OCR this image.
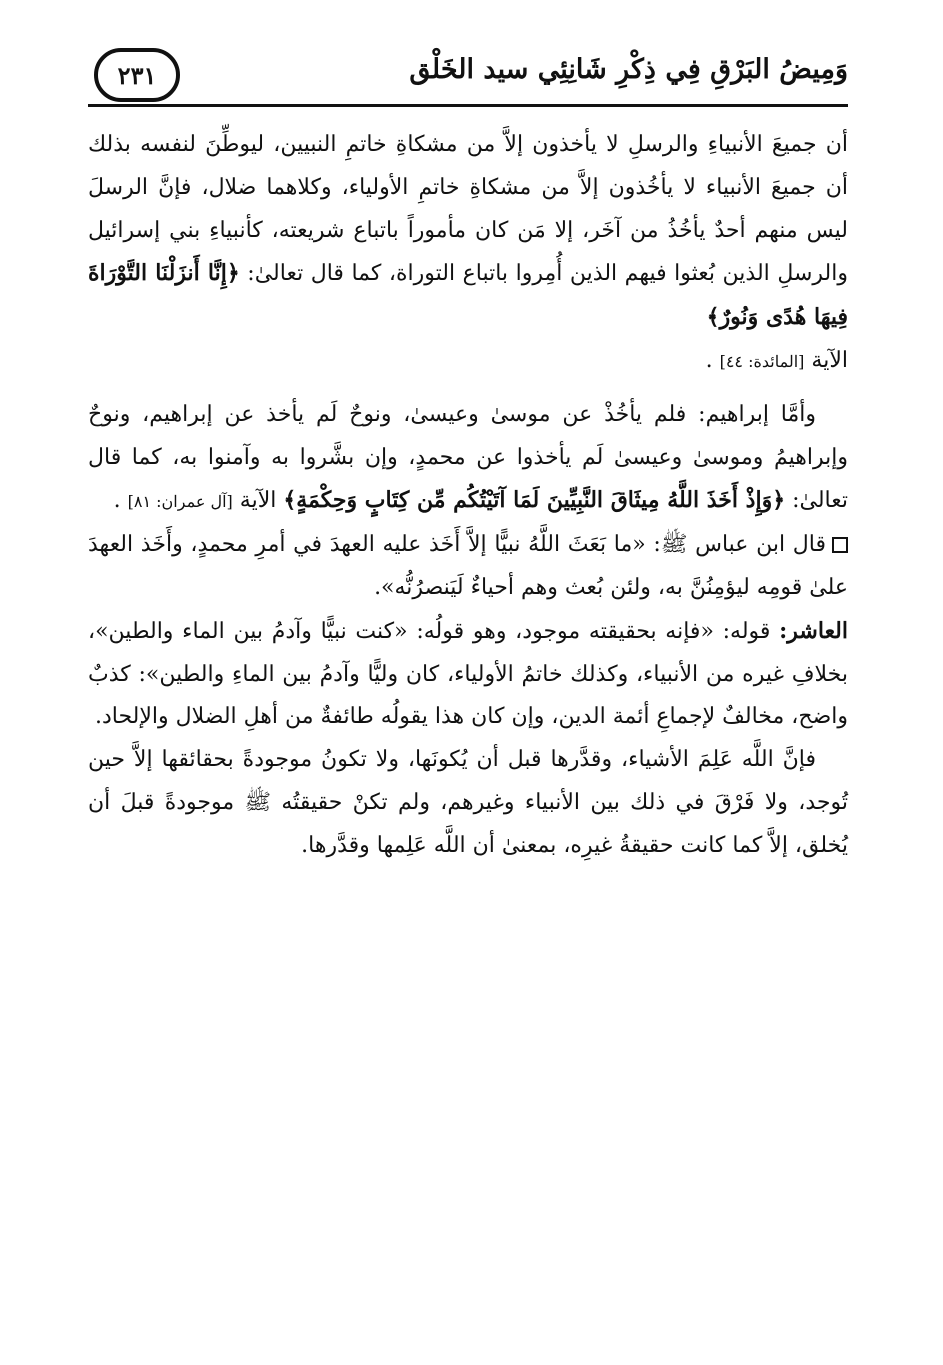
وَمِيضُ البَرْقِ فِي ذِكْرِ شَانِئِي سيد الخَلْق
٢٣١

أن جميعَ الأنبياءِ والرسلِ لا يأخذون إلاَّ من مشكاةِ خاتمِ النبيين، ليوطِّنَ لنفسه بذلك أن جميعَ الأنبياء لا يأخُذون إلاَّ من مشكاةِ خاتمِ الأولياء، وكلاهما ضلال، فإنَّ الرسلَ ليس منهم أحدٌ يأخُذُ من آخَر، إلا مَن كان مأموراً باتباع شريعته، كأنبياءِ بني إسرائيل والرسلِ الذين بُعثوا فيهم الذين أُمِروا باتباع التوراة، كما قال تعالىٰ: ﴿إِنَّا أَنزَلْنَا التَّوْرَاةَ فِيهَا هُدًى وَنُورٌ﴾
الآية [المائدة: ٤٤] .

وأمَّا إبراهيم: فلم يأخُذْ عن موسىٰ وعيسىٰ، ونوحٌ لَم يأخذ عن إبراهيم، ونوحٌ وإبراهيمُ وموسىٰ وعيسىٰ لَم يأخذوا عن محمدٍ، وإن بشَّروا به وآمنوا به، كما قال تعالىٰ: ﴿وَإِذْ أَخَذَ اللَّهُ مِيثَاقَ النَّبِيِّينَ لَمَا آتَيْتُكُم مِّن كِتَابٍ وَحِكْمَةٍ﴾ الآية [آل عمران: ٨١] .

قال ابن عباس ﷺ: «ما بَعَثَ اللَّهُ نبيًّا إلاَّ أَخَذ عليه العهدَ في أمرِ محمدٍ، وأَخَذ العهدَ علىٰ قومِه ليؤمِنُنَّ به، ولئن بُعث وهم أحياءٌ لَيَنصرُنُّه».

العاشر: قوله: «فإنه بحقيقته موجود، وهو قولُه: «كنت نبيًّا وآدمُ بين الماء والطين»، بخلافِ غيره من الأنبياء، وكذلك خاتمُ الأولياء، كان وليًّا وآدمُ بين الماءِ والطين»: كذبٌ واضح، مخالفٌ لإجماعِ أئمة الدين، وإن كان هذا يقولُه طائفةٌ من أهلِ الضلال والإلحاد.

فإنَّ اللَّه عَلِمَ الأشياء، وقدَّرها قبل أن يُكونَها، ولا تكونُ موجودةً بحقائقها إلاَّ حين تُوجد، ولا فَرْقَ في ذلك بين الأنبياء وغيرهم، ولم تكنْ حقيقتُه ﷺ موجودةً قبلَ أن يُخلق، إلاَّ كما كانت حقيقةُ غيرِه، بمعنىٰ أن اللَّه عَلِمها وقدَّرها.
